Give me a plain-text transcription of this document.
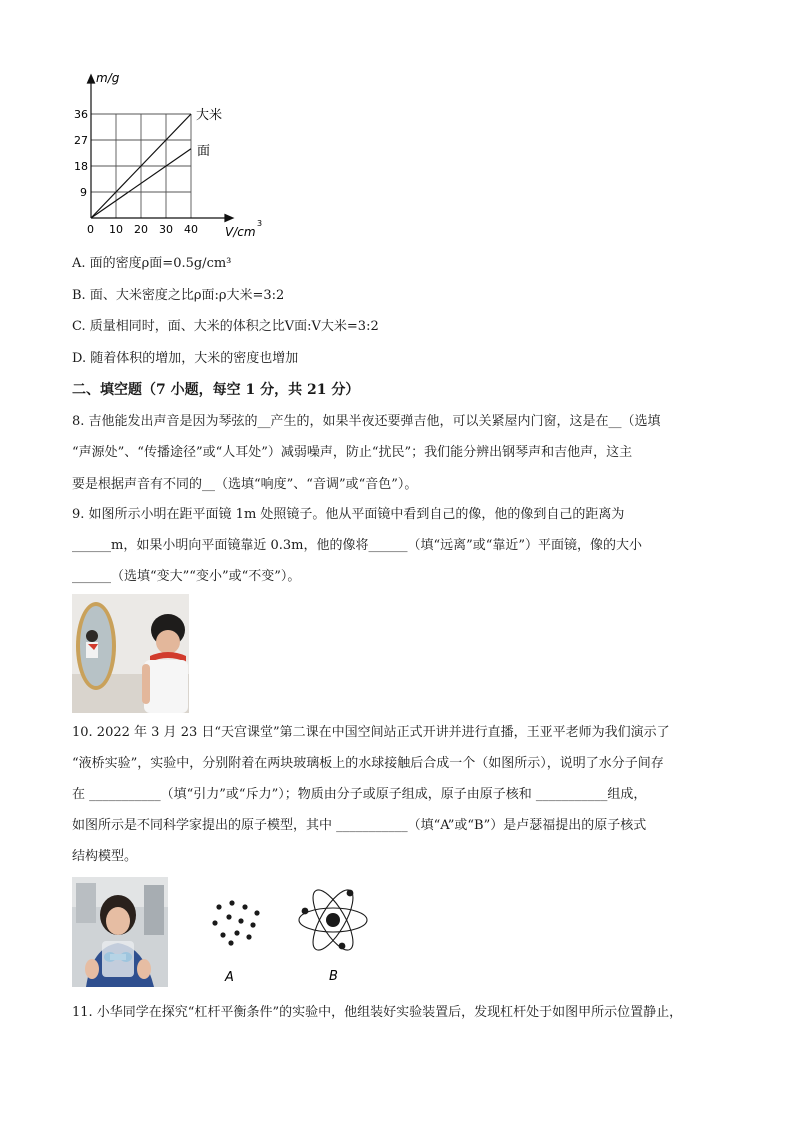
m/g
36
27
18
9
0 10 20 30 40 V/cm
3
大米
面
A. 面的密度ρ面=0.5g/cm³
B. 面、大米密度之比ρ面:ρ大米=3:2
C. 质量相同时，面、大米的体积之比V面:V大米=3:2
D. 随着体积的增加，大米的密度也增加
二、填空题（7 小题，每空 1 分，共 21 分）
8. 吉他能发出声音是因为琴弦的__产生的，如果半夜还要弹吉他，可以关紧屋内门窗，这是在__（选填
“声源处”、“传播途径”或“人耳处”）减弱噪声，防止“扰民”；我们能分辨出钢琴声和吉他声，这主
要是根据声音有不同的__（选填“响度”、“音调”或“音色”）。
9. 如图所示小明在距平面镜 1m 处照镜子。他从平面镜中看到自己的像，他的像到自己的距离为
______m，如果小明向平面镜靠近 0.3m，他的像将______（填“远离”或“靠近”）平面镜，像的大小
______（选填“变大”“变小”或“不变”）。
10. 2022 年 3 月 23 日“天宫课堂”第二课在中国空间站正式开讲并进行直播，王亚平老师为我们演示了
“液桥实验”，实验中，分别附着在两块玻璃板上的水球接触后合成一个（如图所示），说明了水分子间存
在 ___________（填“引力”或“斥力”）；物质由分子或原子组成，原子由原子核和 ___________组成，
如图所示是不同科学家提出的原子模型，其中 ___________（填“A”或“B”）是卢瑟福提出的原子核式
结构模型。
A	B
11. 小华同学在探究“杠杆平衡条件”的实验中，他组装好实验装置后，发现杠杆处于如图甲所示位置静止，
